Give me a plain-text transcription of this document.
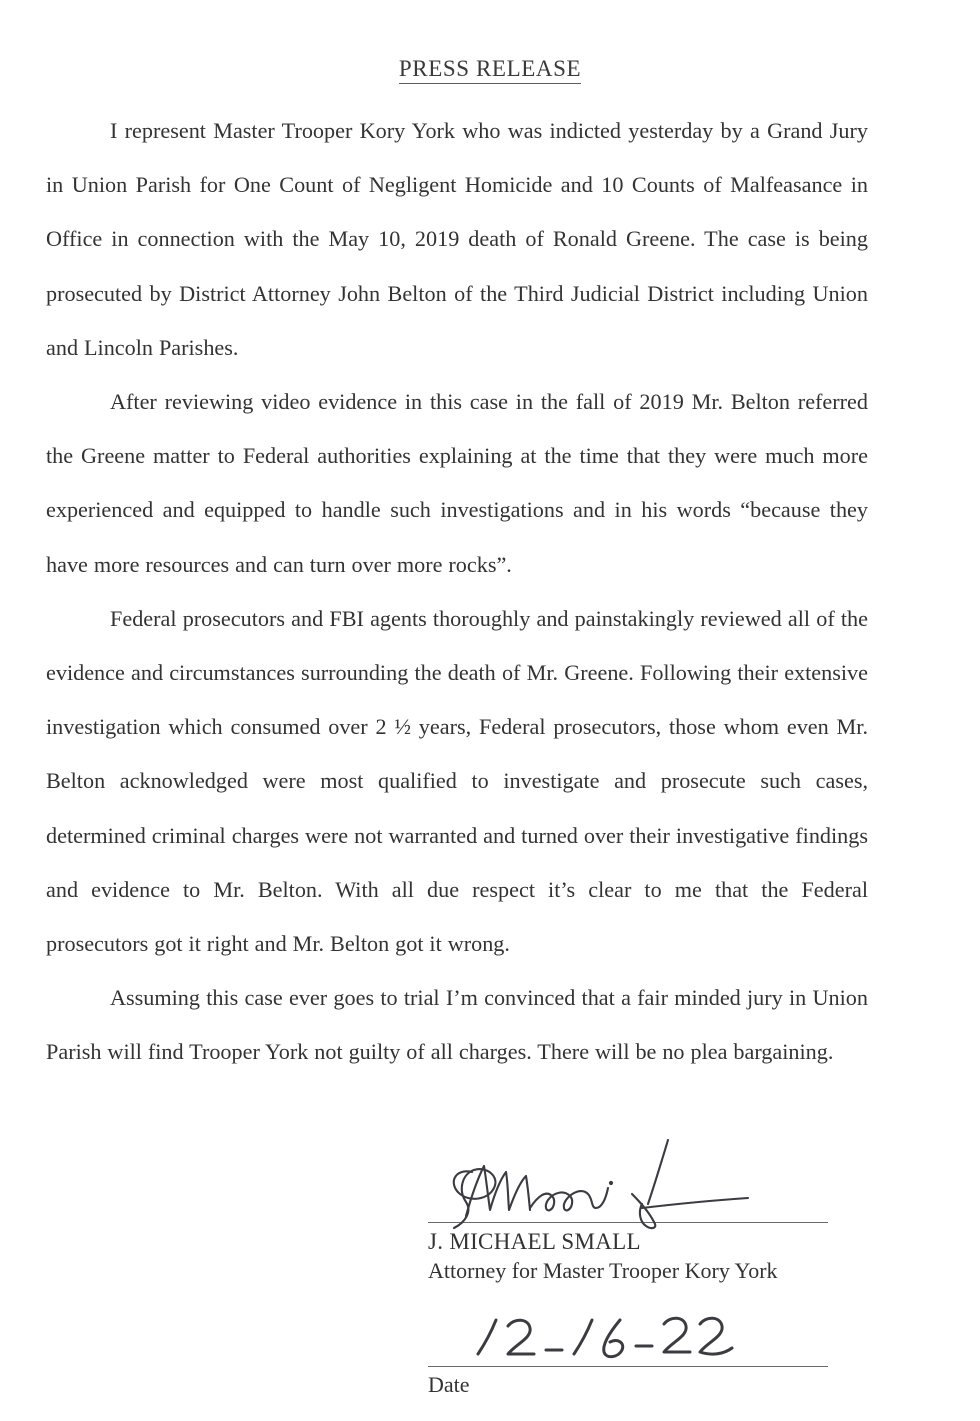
PRESS RELEASE

I represent Master Trooper Kory York who was indicted yesterday by a Grand Jury in Union Parish for One Count of Negligent Homicide and 10 Counts of Malfeasance in Office in connection with the May 10, 2019 death of Ronald Greene. The case is being prosecuted by District Attorney John Belton of the Third Judicial District including Union and Lincoln Parishes.

After reviewing video evidence in this case in the fall of 2019 Mr. Belton referred the Greene matter to Federal authorities explaining at the time that they were much more experienced and equipped to handle such investigations and in his words “because they have more resources and can turn over more rocks”.

Federal prosecutors and FBI agents thoroughly and painstakingly reviewed all of the evidence and circumstances surrounding the death of Mr. Greene. Following their extensive investigation which consumed over 2 ½ years, Federal prosecutors, those whom even Mr. Belton acknowledged were most qualified to investigate and prosecute such cases, determined criminal charges were not warranted and turned over their investigative findings and evidence to Mr. Belton. With all due respect it’s clear to me that the Federal prosecutors got it right and Mr. Belton got it wrong.

Assuming this case ever goes to trial I’m convinced that a fair minded jury in Union Parish will find Trooper York not guilty of all charges. There will be no plea bargaining.

J. MICHAEL SMALL
Attorney for Master Trooper Kory York
Date
